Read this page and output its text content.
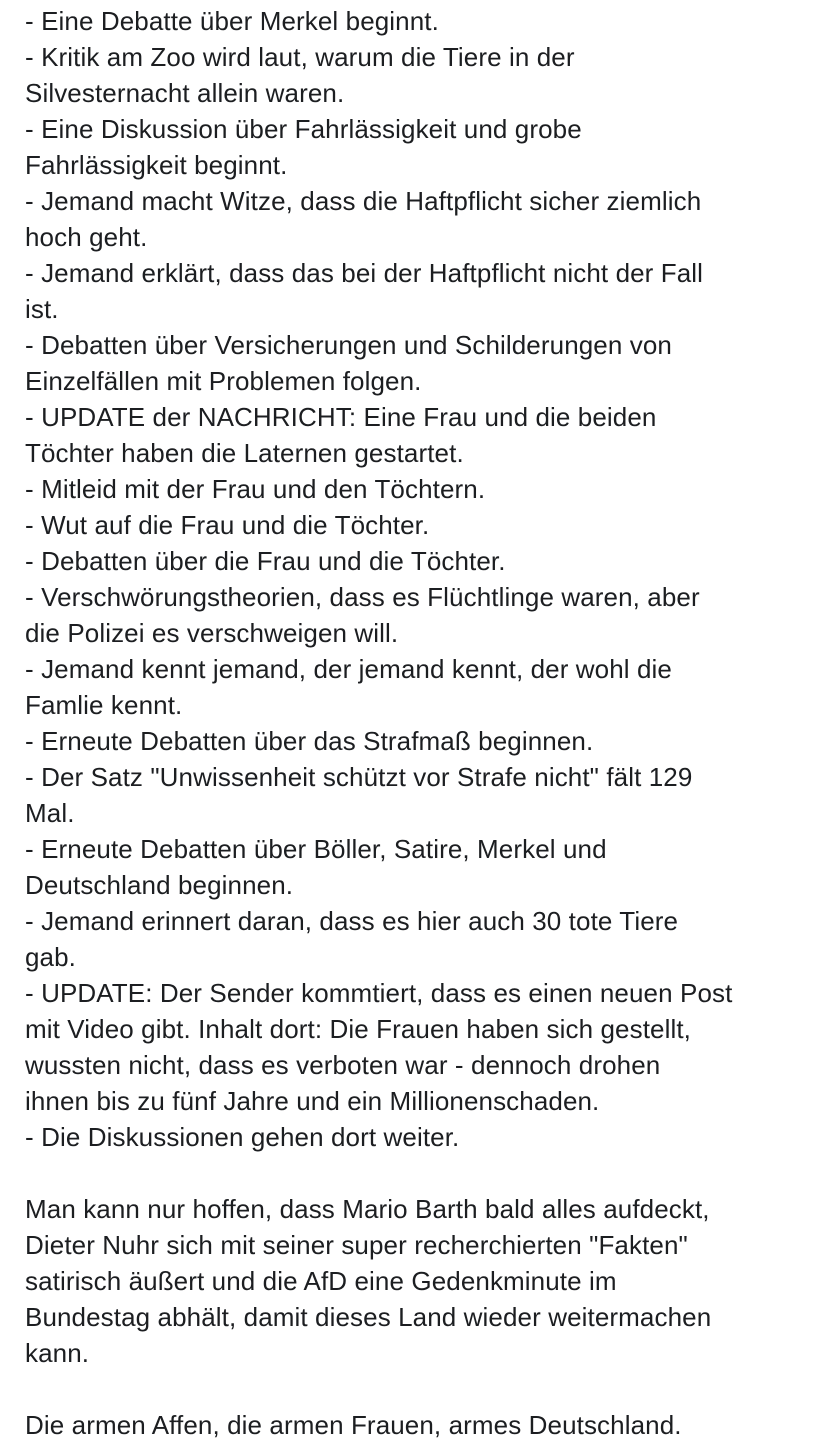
- Eine Debatte über Merkel beginnt.
- Kritik am Zoo wird laut, warum die Tiere in der
Silvesternacht allein waren.
- Eine Diskussion über Fahrlässigkeit und grobe
Fahrlässigkeit beginnt.
- Jemand macht Witze, dass die Haftpflicht sicher ziemlich
hoch geht.
- Jemand erklärt, dass das bei der Haftpflicht nicht der Fall
ist.
- Debatten über Versicherungen und Schilderungen von
Einzelfällen mit Problemen folgen.
- UPDATE der NACHRICHT: Eine Frau und die beiden
Töchter haben die Laternen gestartet.
- Mitleid mit der Frau und den Töchtern.
- Wut auf die Frau und die Töchter.
- Debatten über die Frau und die Töchter.
- Verschwörungstheorien, dass es Flüchtlinge waren, aber
die Polizei es verschweigen will.
- Jemand kennt jemand, der jemand kennt, der wohl die
Famlie kennt.
- Erneute Debatten über das Strafmaß beginnen.
- Der Satz "Unwissenheit schützt vor Strafe nicht" fält 129
Mal.
- Erneute Debatten über Böller, Satire, Merkel und
Deutschland beginnen.
- Jemand erinnert daran, dass es hier auch 30 tote Tiere
gab.
- UPDATE: Der Sender kommtiert, dass es einen neuen Post
mit Video gibt. Inhalt dort: Die Frauen haben sich gestellt,
wussten nicht, dass es verboten war - dennoch drohen
ihnen bis zu fünf Jahre und ein Millionenschaden.
- Die Diskussionen gehen dort weiter.
Man kann nur hoffen, dass Mario Barth bald alles aufdeckt,
Dieter Nuhr sich mit seiner super recherchierten "Fakten"
satirisch äußert und die AfD eine Gedenkminute im
Bundestag abhält, damit dieses Land wieder weitermachen
kann.
Die armen Affen, die armen Frauen, armes Deutschland.
